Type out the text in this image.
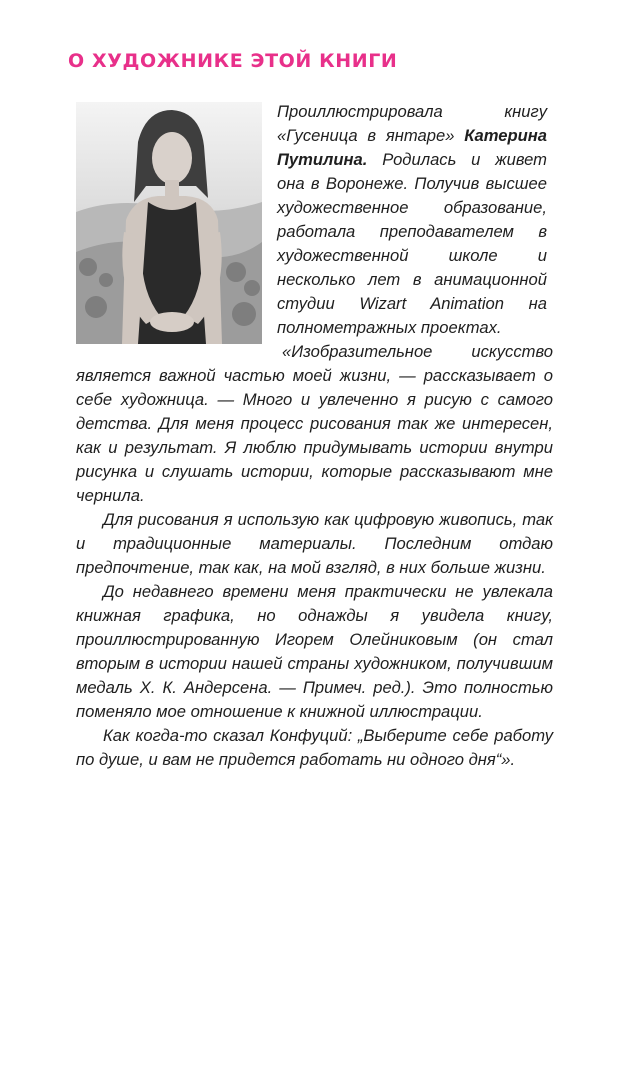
О ХУДОЖНИКЕ ЭТОЙ КНИГИ

Проиллюстрировала книгу «Гусеница в янтаре» Катерина Путилина. Родилась и живет она в Воронеже. Получив высшее художественное образование, работала преподавателем в художественной школе и несколько лет в анимационной студии Wizart Animation на полнометражных проектах.

«Изобразительное искусство является важной частью моей жизни, — рассказывает о себе художница. — Много и увлеченно я рисую с самого детства. Для меня процесс рисования так же интересен, как и результат. Я люблю придумывать истории внутри рисунка и слушать истории, которые рассказывают мне чернила.

Для рисования я использую как цифровую живопись, так и традиционные материалы. Последним отдаю предпочтение, так как, на мой взгляд, в них больше жизни.

До недавнего времени меня практически не увлекала книжная графика, но однажды я увидела книгу, проиллюстрированную Игорем Олейниковым (он стал вторым в истории нашей страны художником, получившим медаль Х. К. Андерсена. — Примеч. ред.). Это полностью поменяло мое отношение к книжной иллюстрации.

Как когда-то сказал Конфуций: „Выберите себе работу по душе, и вам не придется работать ни одного дня“».
